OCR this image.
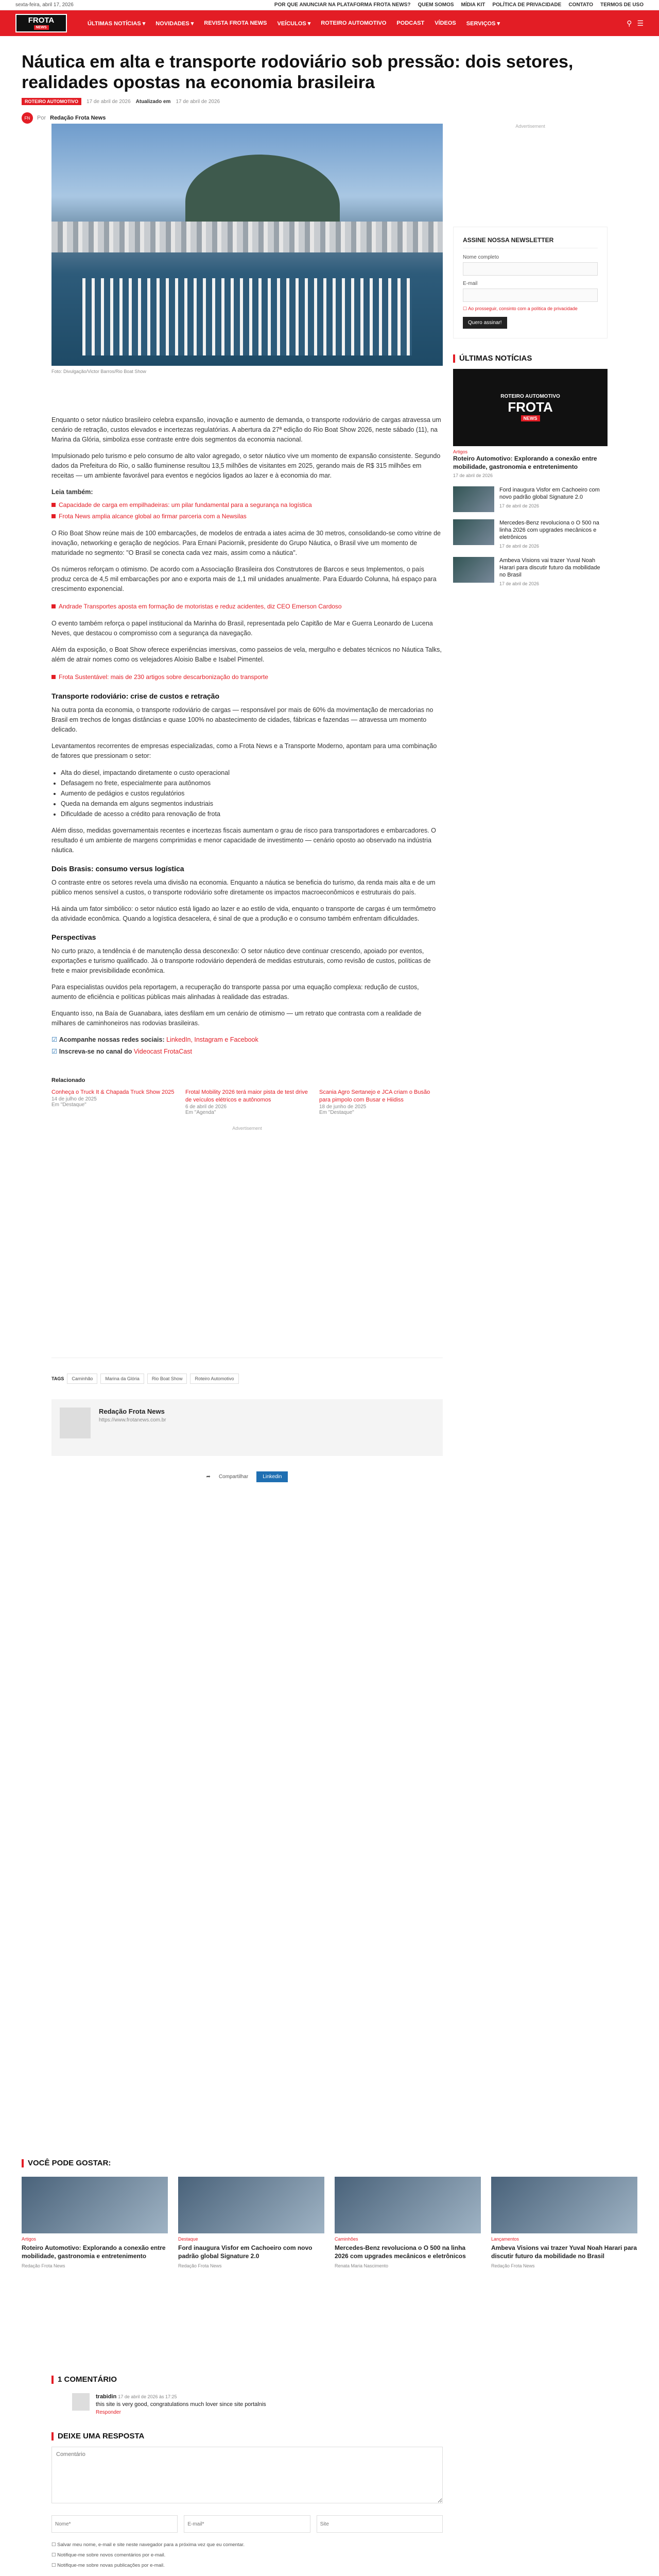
sexta-feira, abril 17, 2026	POR QUE ANUNCIAR NA PLATAFORMA FROTA NEWS? QUEM SOMOS MÍDIA KIT POLÍTICA DE PRIVACIDADE CONTATO TERMOS DE USO
FROTA
NEWS
ÚLTIMAS NOTÍCIAS ▾ NOVIDADES ▾ REVISTA FROTA NEWS VEÍCULOS ▾ ROTEIRO AUTOMOTIVO PODCAST VÍDEOS SERVIÇOS ▾	⚲ ☰
Náutica em alta e transporte rodoviário sob pressão: dois setores, realidades opostas na economia brasileira
ROTEIRO AUTOMOTIVO	17 de abril de 2026 Atualizado em 17 de abril de 2026
FN	Por Redação Frota News
Foto: Divulgação/Victor Barros/Rio Boat Show

Enquanto o setor náutico brasileiro celebra expansão, inovação e aumento de demanda, o transporte rodoviário de cargas atravessa um cenário de retração, custos elevados e incertezas regulatórias. A abertura da 27ª edição do Rio Boat Show 2026, neste sábado (11), na Marina da Glória, simboliza esse contraste entre dois segmentos da economia nacional.

Impulsionado pelo turismo e pelo consumo de alto valor agregado, o setor náutico vive um momento de expansão consistente. Segundo dados da Prefeitura do Rio, o salão fluminense resultou 13,5 milhões de visitantes em 2025, gerando mais de R$ 315 milhões em receitas — um ambiente favorável para eventos e negócios ligados ao lazer e à economia do mar.

Leia também:

Capacidade de carga em empilhadeiras: um pilar fundamental para a segurança na logística
Frota News amplia alcance global ao firmar parceria com a Newsilas

O Rio Boat Show reúne mais de 100 embarcações, de modelos de entrada a iates acima de 30 metros, consolidando-se como vitrine de inovação, networking e geração de negócios. Para Ernani Paciornik, presidente do Grupo Náutica, o Brasil vive um momento de maturidade no segmento: "O Brasil se conecta cada vez mais, assim como a náutica".

Os números reforçam o otimismo. De acordo com a Associação Brasileira dos Construtores de Barcos e seus Implementos, o país produz cerca de 4,5 mil embarcações por ano e exporta mais de 1,1 mil unidades anualmente. Para Eduardo Colunna, há espaço para crescimento exponencial.

Andrade Transportes aposta em formação de motoristas e reduz acidentes, diz CEO Emerson Cardoso

O evento também reforça o papel institucional da Marinha do Brasil, representada pelo Capitão de Mar e Guerra Leonardo de Lucena Neves, que destacou o compromisso com a segurança da navegação.

Além da exposição, o Boat Show oferece experiências imersivas, como passeios de vela, mergulho e debates técnicos no Náutica Talks, além de atrair nomes como os velejadores Aloisio Balbe e Isabel Pimentel.

Frota Sustentável: mais de 230 artigos sobre descarbonização do transporte
Transporte rodoviário: crise de custos e retração

Na outra ponta da economia, o transporte rodoviário de cargas — responsável por mais de 60% da movimentação de mercadorias no Brasil em trechos de longas distâncias e quase 100% no abastecimento de cidades, fábricas e fazendas — atravessa um momento delicado.

Levantamentos recorrentes de empresas especializadas, como a Frota News e a Transporte Moderno, apontam para uma combinação de fatores que pressionam o setor:

• Alta do diesel, impactando diretamente o custo operacional
• Defasagem no frete, especialmente para autônomos
• Aumento de pedágios e custos regulatórios
• Queda na demanda em alguns segmentos industriais
• Dificuldade de acesso a crédito para renovação de frota

Além disso, medidas governamentais recentes e incertezas fiscais aumentam o grau de risco para transportadores e embarcadores. O resultado é um ambiente de margens comprimidas e menor capacidade de investimento — cenário oposto ao observado na indústria náutica.

Dois Brasis: consumo versus logística

O contraste entre os setores revela uma divisão na economia. Enquanto a náutica se beneficia do turismo, da renda mais alta e de um público menos sensível a custos, o transporte rodoviário sofre diretamente os impactos macroeconômicos e estruturais do país.

Há ainda um fator simbólico: o setor náutico está ligado ao lazer e ao estilo de vida, enquanto o transporte de cargas é um termômetro da atividade econômica. Quando a logística desacelera, é sinal de que a produção e o consumo também enfrentam dificuldades.

Perspectivas

No curto prazo, a tendência é de manutenção dessa desconexão: O setor náutico deve continuar crescendo, apoiado por eventos, exportações e turismo qualificado. Já o transporte rodoviário dependerá de medidas estruturais, como revisão de custos, políticas de frete e maior previsibilidade econômica.

Para especialistas ouvidos pela reportagem, a recuperação do transporte passa por uma equação complexa: redução de custos, aumento de eficiência e políticas públicas mais alinhadas à realidade das estradas.

Enquanto isso, na Baía de Guanabara, iates desfilam em um cenário de otimismo — um retrato que contrasta com a realidade de milhares de caminhoneiros nas rodovias brasileiras.

☑ Acompanhe nossas redes sociais: LinkedIn, Instagram e Facebook

☑ Inscreva-se no canal do Videocast FrotaCast

Relacionado
Conheça o Truck It & Chapada Truck Show 2025
14 de julho de 2025
Em "Destaque"
Frotal Mobility 2026 terá maior pista de test drive de veículos elétricos e autônomos
6 de abril de 2026
Em "Agenda"
Scania Agro Sertanejo e JCA criam o Busão para pimpolo com Busar e Hiidiss
18 de junho de 2025
Em "Destaque"
Advertisement
TAGS	Caminhão	Marina da Glória	Rio Boat Show	Roteiro Automotivo
Redação Frota News
https://www.frotanews.com.br
➦ Compartilhar	Linkedin
Advertisement
ASSINE NOSSA NEWSLETTER
Nome completo
E-mail
☐ Ao prosseguir, consinto com a política de privacidade
Quero assinar!
ÚLTIMAS NOTÍCIAS
ROTEIRO AUTOMOTIVO
FROTA
NEWS
Artigos
Roteiro Automotivo: Explorando a conexão entre mobilidade, gastronomia e entretenimento
17 de abril de 2026
Ford inaugura Visfor em Cachoeiro com novo padrão global Signature 2.0
17 de abril de 2026
Mercedes-Benz revoluciona o O 500 na linha 2026 com upgrades mecânicos e eletrônicos
17 de abril de 2026
Ambeva Visions vai trazer Yuval Noah Harari para discutir futuro da mobilidade no Brasil
17 de abril de 2026
VOCÊ PODE GOSTAR:
Artigos
Roteiro Automotivo: Explorando a conexão entre mobilidade, gastronomia e entretenimento
Redação Frota News
Destaque
Ford inaugura Visfor em Cachoeiro com novo padrão global Signature 2.0
Redação Frota News
Caminhões
Mercedes-Benz revoluciona o O 500 na linha 2026 com upgrades mecânicos e eletrônicos
Renata Maria Nascimento
Lançamentos
Ambeva Visions vai trazer Yuval Noah Harari para discutir futuro da mobilidade no Brasil
Redação Frota News
1 COMENTÁRIO
trabidin 17 de abril de 2026 às 17:25
this site is very good, congratulations much lover since site portalnis
Responder
DEIXE UMA RESPOSTA
Comentário
Nome*
E-mail*
Site
☐ Salvar meu nome, e-mail e site neste navegador para a próxima vez que eu comentar.
☐ Notifique-me sobre novos comentários por e-mail.
☐ Notifique-me sobre novas publicações por e-mail.
